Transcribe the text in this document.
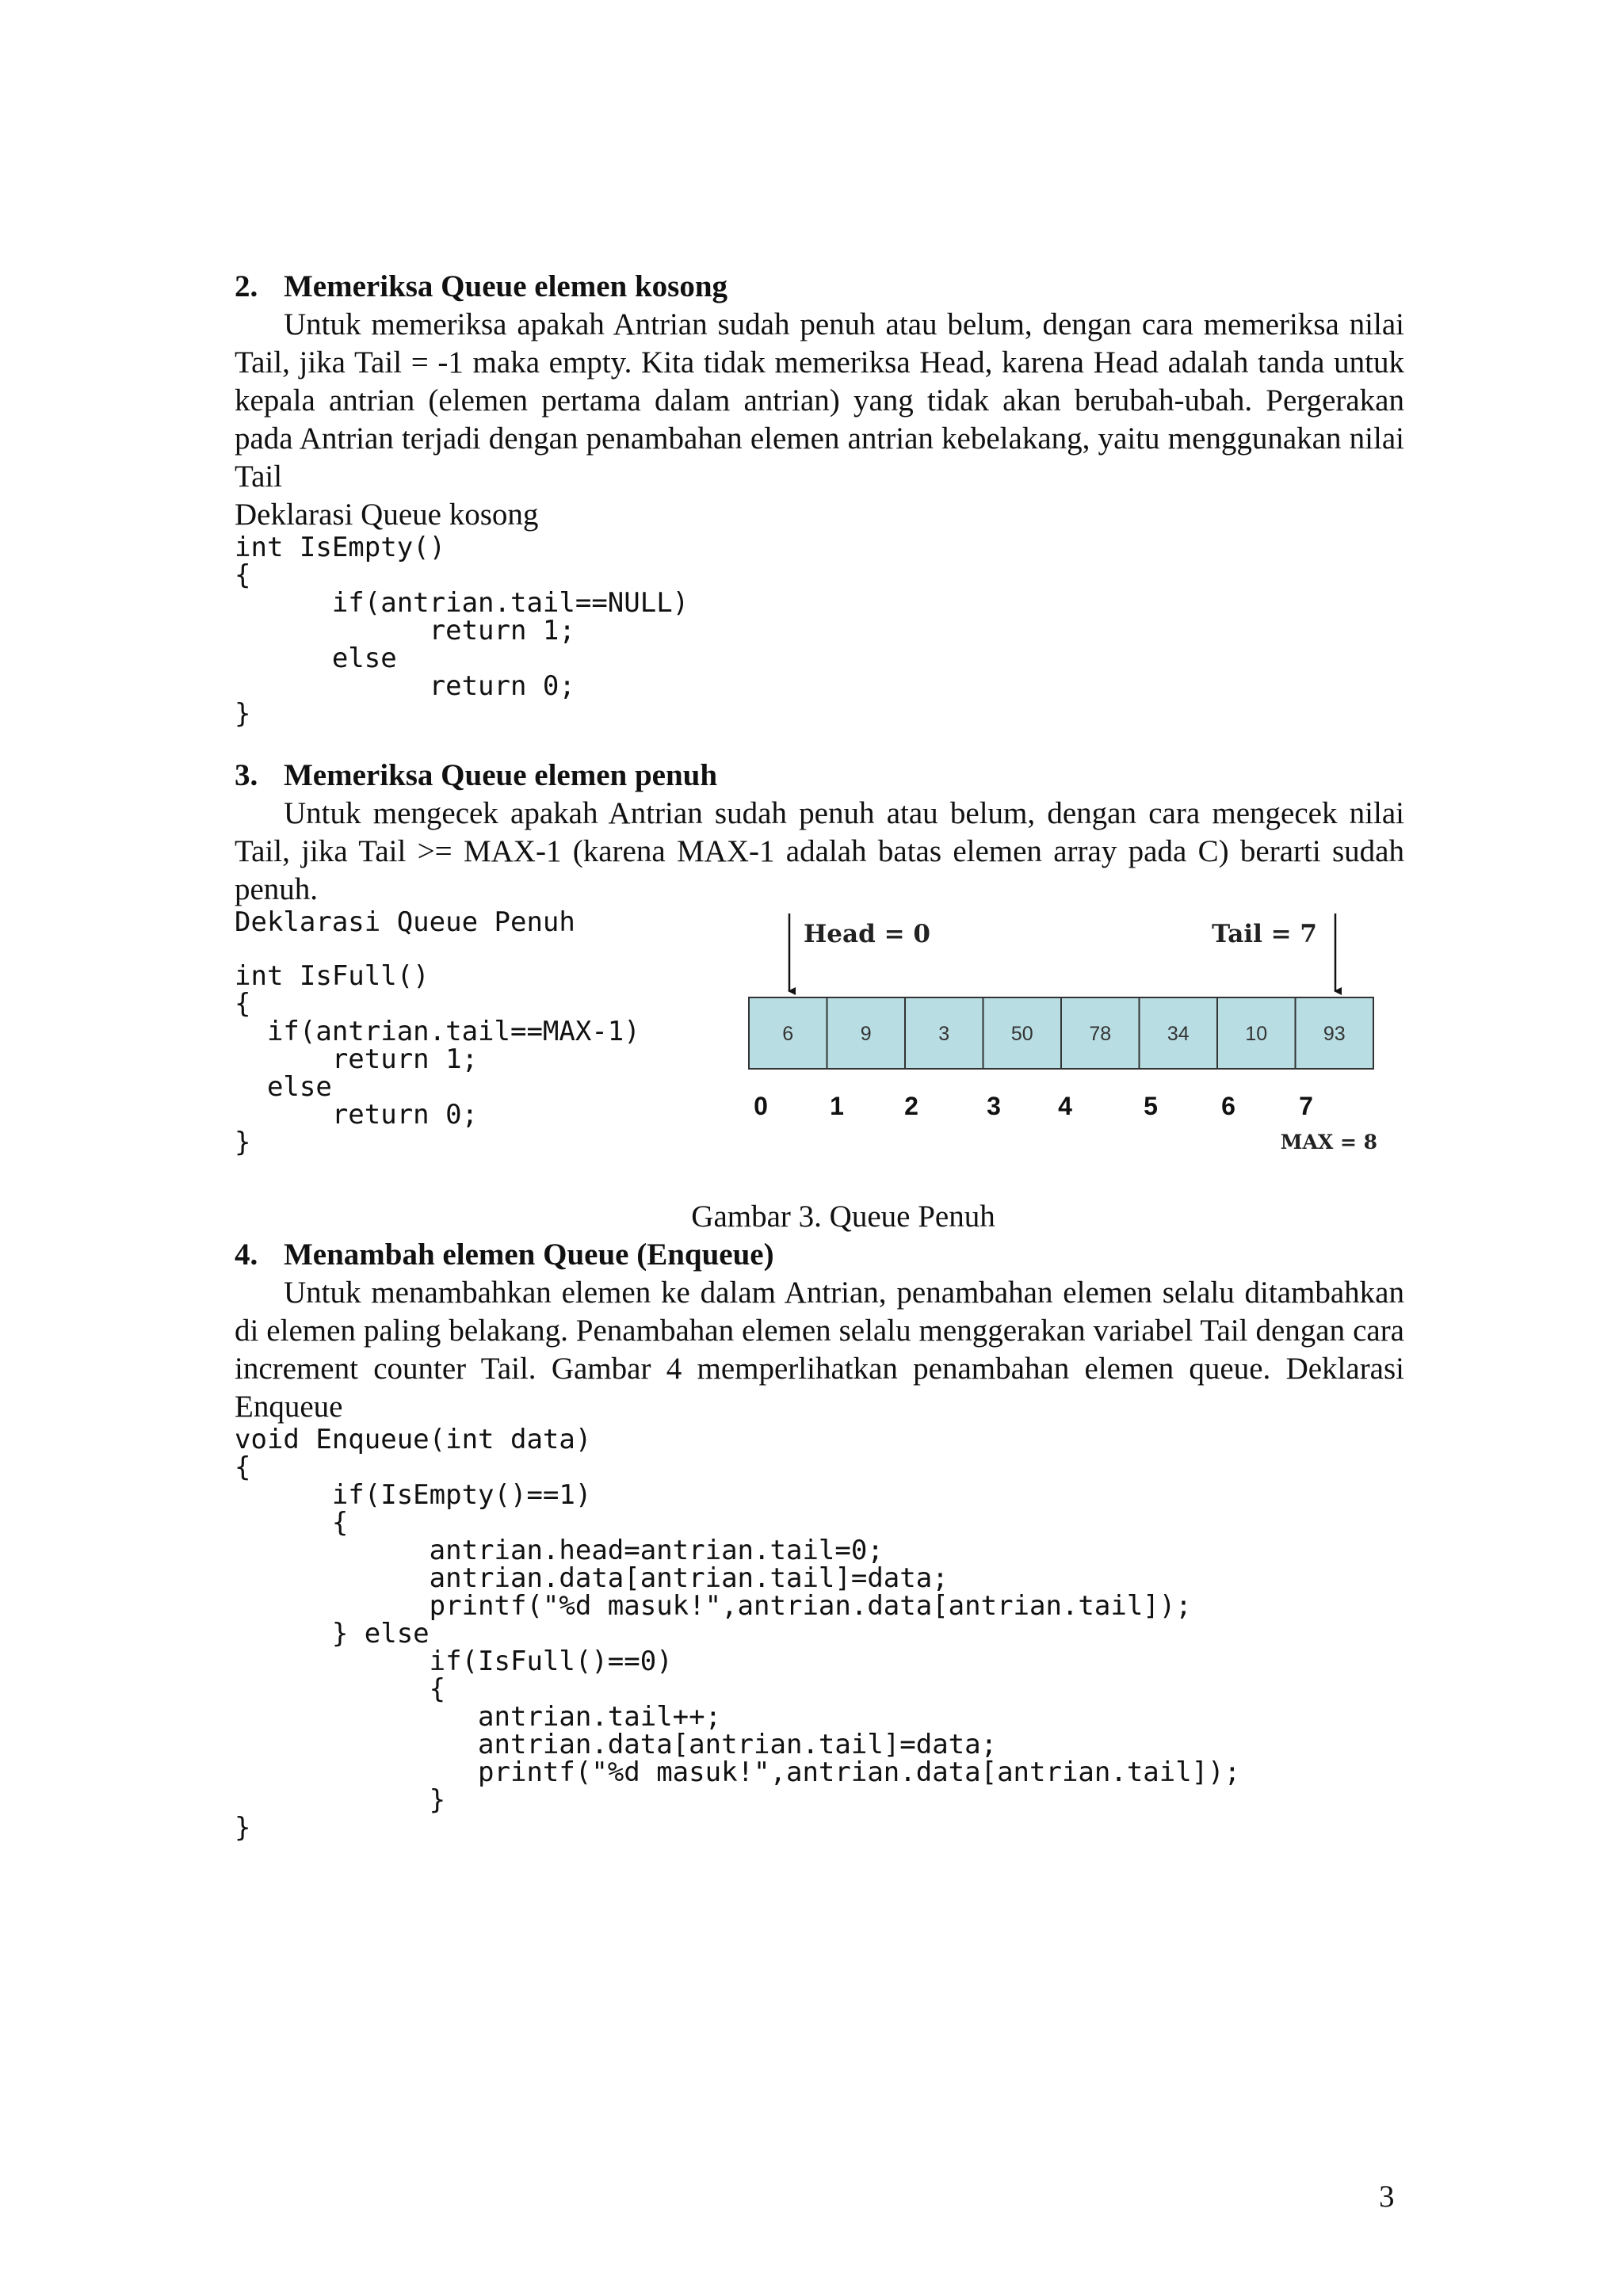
2. Memeriksa Queue elemen kosong

Untuk memeriksa apakah Antrian sudah penuh atau belum, dengan cara memeriksa nilai Tail, jika Tail = -1 maka empty. Kita tidak memeriksa Head, karena Head adalah tanda untuk kepala antrian (elemen pertama dalam antrian) yang tidak akan berubah-ubah. Pergerakan pada Antrian terjadi dengan penambahan elemen antrian kebelakang, yaitu menggunakan nilai Tail

Deklarasi Queue kosong

int IsEmpty()
{
if(antrian.tail==NULL)
return 1;
else
return 0;
}
3. Memeriksa Queue elemen penuh

Untuk mengecek apakah Antrian sudah penuh atau belum, dengan cara mengecek nilai Tail, jika Tail >= MAX-1 (karena MAX-1 adalah batas elemen array pada C) berarti sudah penuh.

Deklarasi Queue Penuh

int IsFull()
{
if(antrian.tail==MAX-1)
return 1;
else
return 0;
}
Head = 0	Tail = 7
6	9	3	50	78	34	10	93
0 1 2	3 4	5	6	7
MAX = 8

Gambar 3. Queue Penuh

4. Menambah elemen Queue (Enqueue)

Untuk menambahkan elemen ke dalam Antrian, penambahan elemen selalu ditambahkan di elemen paling belakang. Penambahan elemen selalu menggerakan variabel Tail dengan cara increment counter Tail. Gambar 4 memperlihatkan penambahan elemen queue. Deklarasi Enqueue

void Enqueue(int data)
{
if(IsEmpty()==1)
{
antrian.head=antrian.tail=0;
antrian.data[antrian.tail]=data;
printf("%d masuk!",antrian.data[antrian.tail]);
} else
if(IsFull()==0)
{
antrian.tail++;
antrian.data[antrian.tail]=data;
printf("%d masuk!",antrian.data[antrian.tail]);
}
}
3
